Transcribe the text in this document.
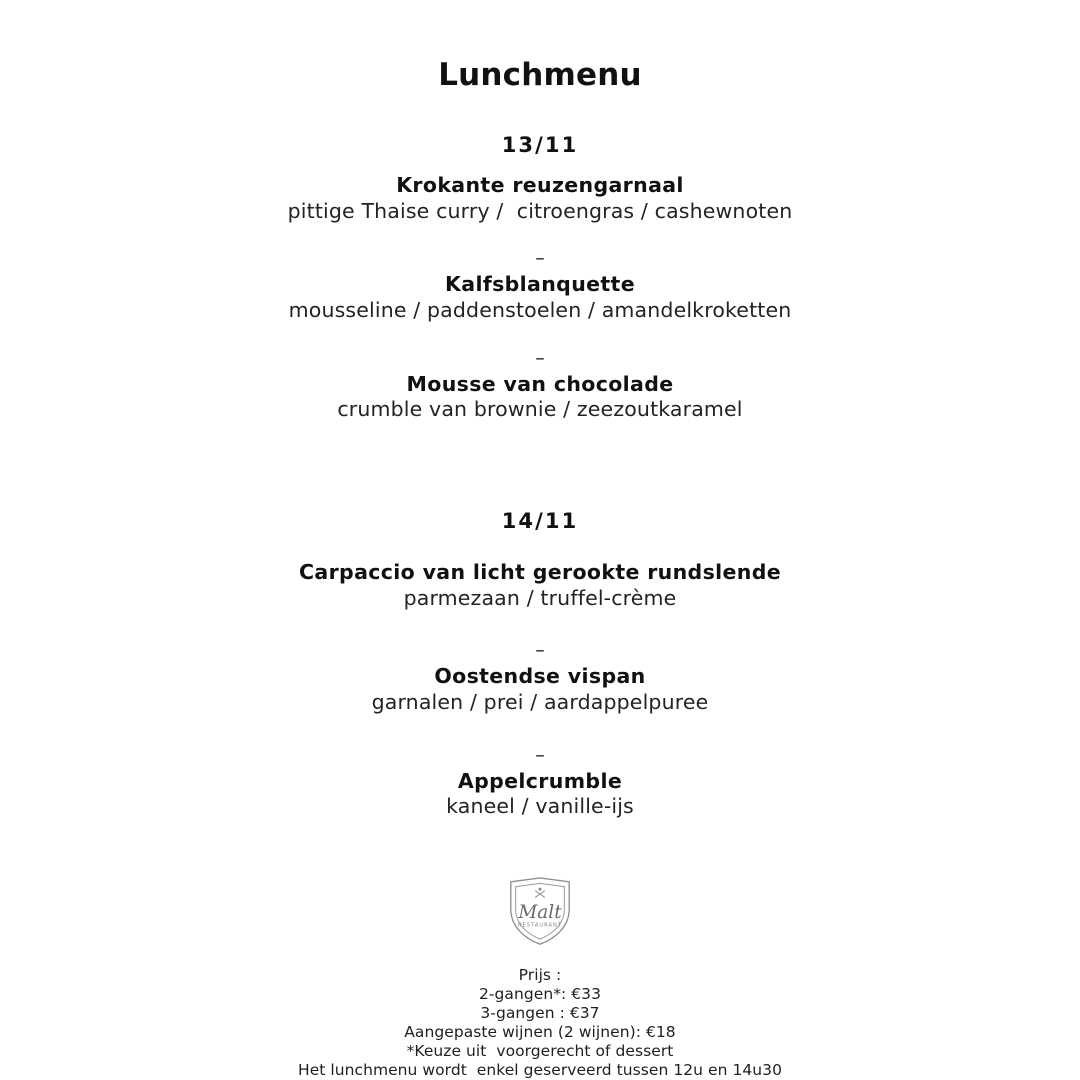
Lunchmenu
13/11
Krokante reuzengarnaal
pittige Thaise curry /  citroengras / cashewnoten
–
Kalfsblanquette
mousseline / paddenstoelen / amandelkroketten
–
Mousse van chocolade
crumble van brownie / zeezoutkaramel
14/11
Carpaccio van licht gerookte rundslende
parmezaan / truffel-crème
–
Oostendse vispan
garnalen / prei / aardappelpuree
–
Appelcrumble
kaneel / vanille-ijs
Malt
RESTAURANT
Prijs :
2-gangen*: €33
3-gangen : €37
Aangepaste wijnen (2 wijnen): €18
*Keuze uit  voorgerecht of dessert
Het lunchmenu wordt  enkel geserveerd tussen 12u en 14u30
